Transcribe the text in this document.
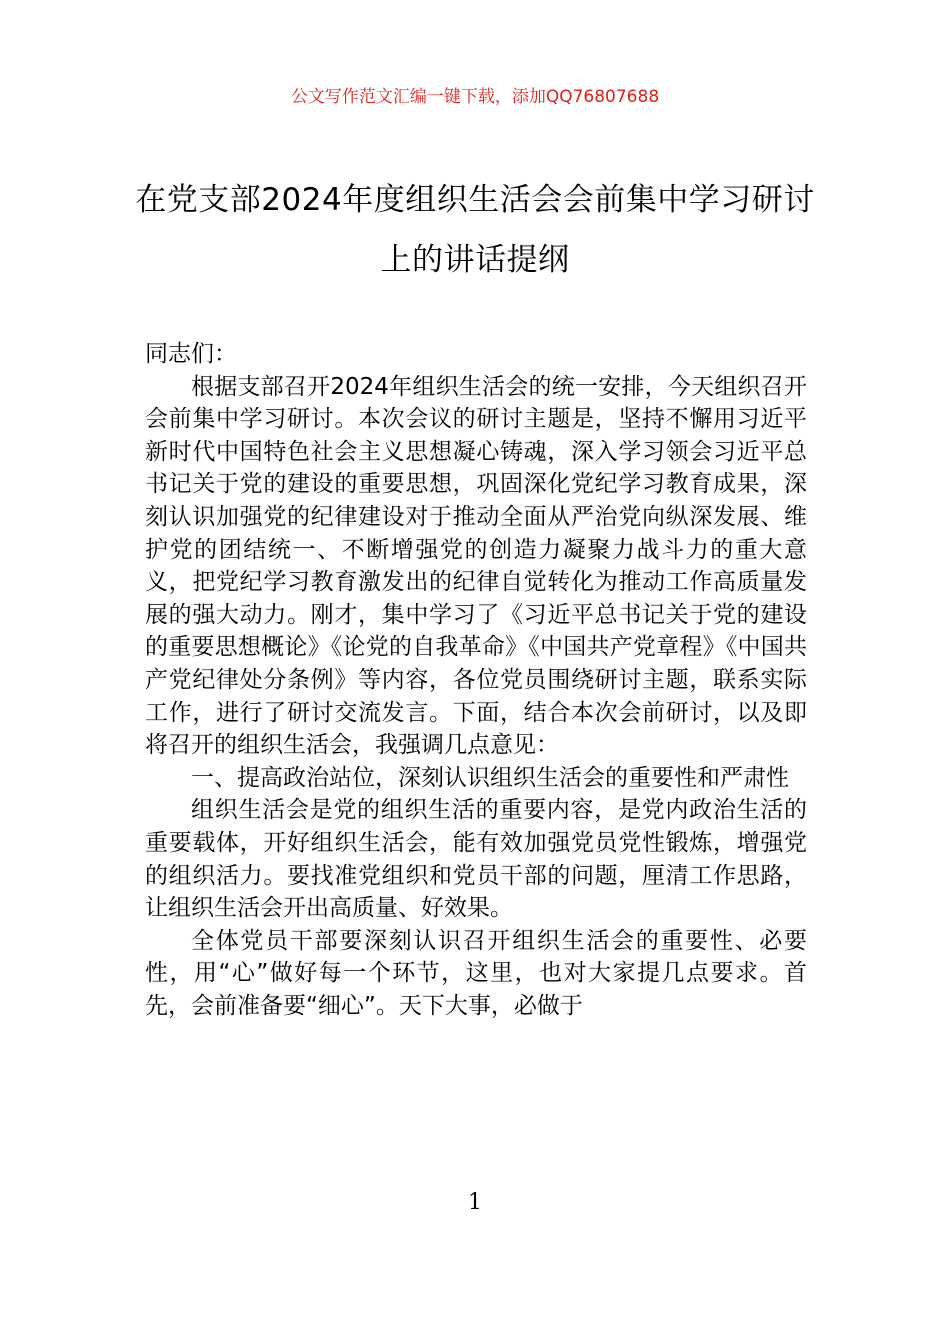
公文写作范文汇编一键下载，添加QQ76807688
在党支部2024年度组织生活会会前集中学习研讨上的讲话提纲

同志们：

根据支部召开2024年组织生活会的统一安排，今天组织召开会前集中学习研讨。本次会议的研讨主题是，坚持不懈用习近平新时代中国特色社会主义思想凝心铸魂，深入学习领会习近平总书记关于党的建设的重要思想，巩固深化党纪学习教育成果，深刻认识加强党的纪律建设对于推动全面从严治党向纵深发展、维护党的团结统一、不断增强党的创造力凝聚力战斗力的重大意义，把党纪学习教育激发出的纪律自觉转化为推动工作高质量发展的强大动力。刚才，集中学习了《习近平总书记关于党的建设的重要思想概论》《论党的自我革命》《中国共产党章程》《中国共产党纪律处分条例》等内容，各位党员围绕研讨主题，联系实际工作，进行了研讨交流发言。下面，结合本次会前研讨，以及即将召开的组织生活会，我强调几点意见：

一、提高政治站位，深刻认识组织生活会的重要性和严肃性

组织生活会是党的组织生活的重要内容，是党内政治生活的重要载体，开好组织生活会，能有效加强党员党性锻炼，增强党的组织活力。要找准党组织和党员干部的问题，厘清工作思路，让组织生活会开出高质量、好效果。

全体党员干部要深刻认识召开组织生活会的重要性、必要性，用“心”做好每一个环节，这里，也对大家提几点要求。首先，会前准备要“细心”。天下大事，必做于

1
